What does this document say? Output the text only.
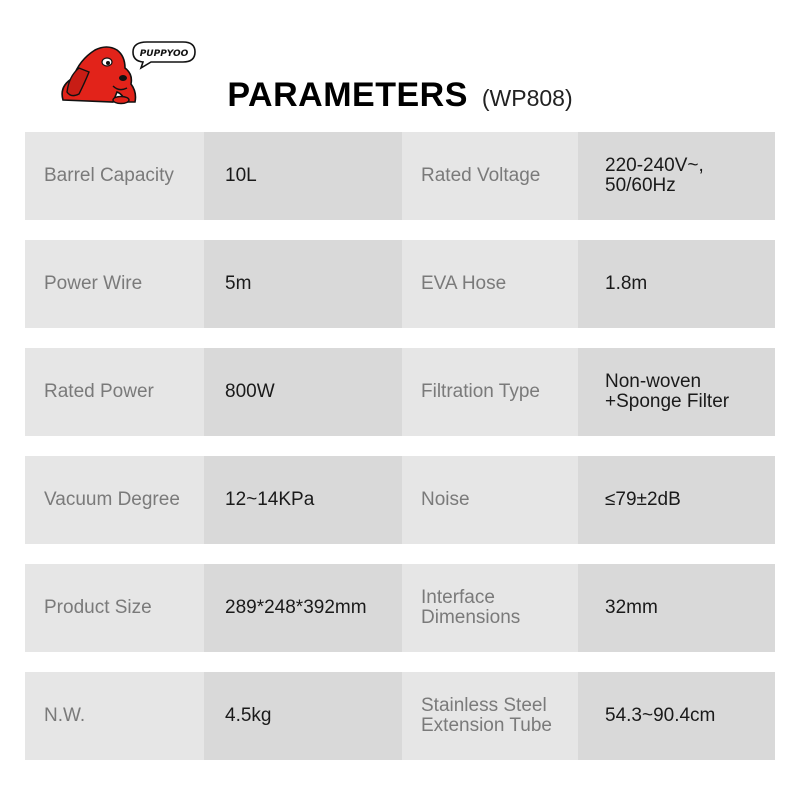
PUPPYOO
PARAMETERS (WP808)
Barrel Capacity	10L	Rated Voltage	220-240V~,
50/60Hz
Power Wire	5m	EVA Hose	1.8m
Rated Power	800W	Filtration Type	Non-woven
+Sponge Filter
Vacuum Degree 12~14KPa	Noise	≤79±2dB
Product Size	289*248*392mm	Interface
Dimensions	32mm
N.W.	4.5kg	Stainless Steel
Extension Tube	54.3~90.4cm
